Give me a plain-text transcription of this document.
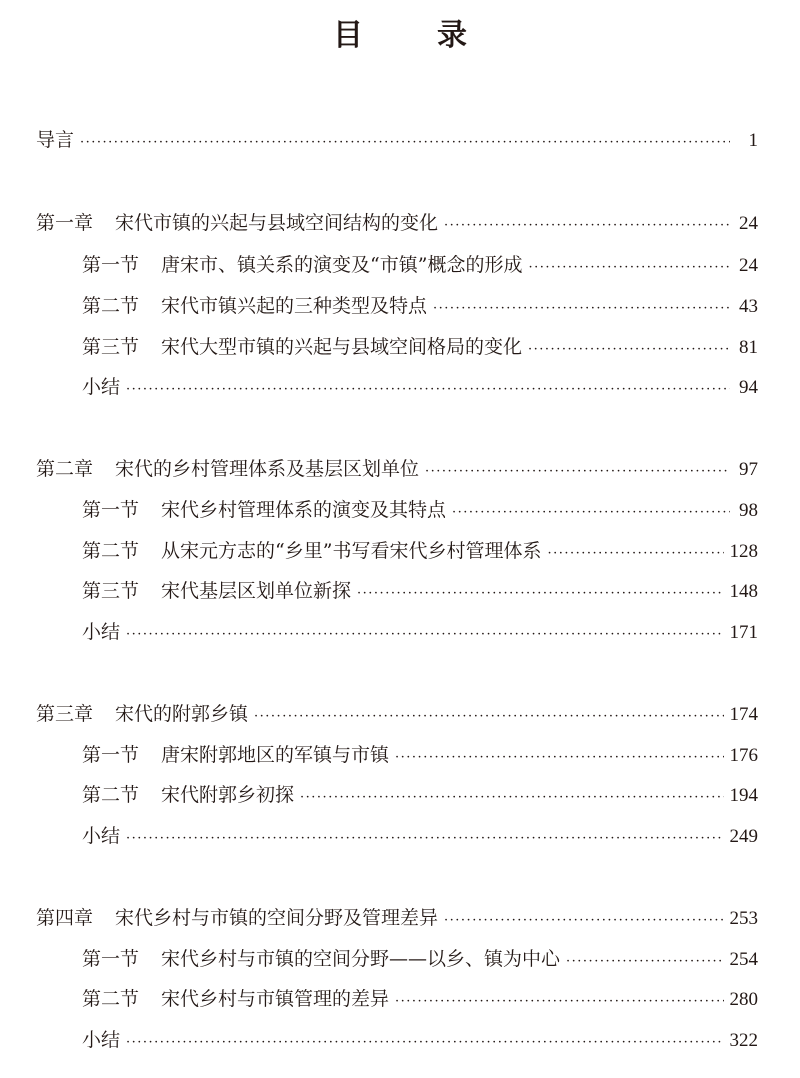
目 录
导言 ·····	1
第一章 宋代市镇的兴起与县域空间结构的变化 ·····	24
第一节 唐宋市、镇关系的演变及“市镇”概念的形成 ·····	24
第二节 宋代市镇兴起的三种类型及特点 ·····	43
第三节 宋代大型市镇的兴起与县域空间格局的变化 ·····	81
小结 ·····	94
第二章 宋代的乡村管理体系及基层区划单位 ·····	97
第一节 宋代乡村管理体系的演变及其特点 ·····	98
第二节 从宋元方志的“乡里”书写看宋代乡村管理体系 ·····	128
第三节 宋代基层区划单位新探 ·····	148
小结 ·····	171
第三章 宋代的附郭乡镇 ·····	174
第一节 唐宋附郭地区的军镇与市镇 ·····	176
第二节 宋代附郭乡初探 ·····	194
小结 ·····	249
第四章 宋代乡村与市镇的空间分野及管理差异 ·····	253
第一节 宋代乡村与市镇的空间分野——以乡、镇为中心 ·····	254
第二节 宋代乡村与市镇管理的差异 ·····	280
小结 ·····	322
